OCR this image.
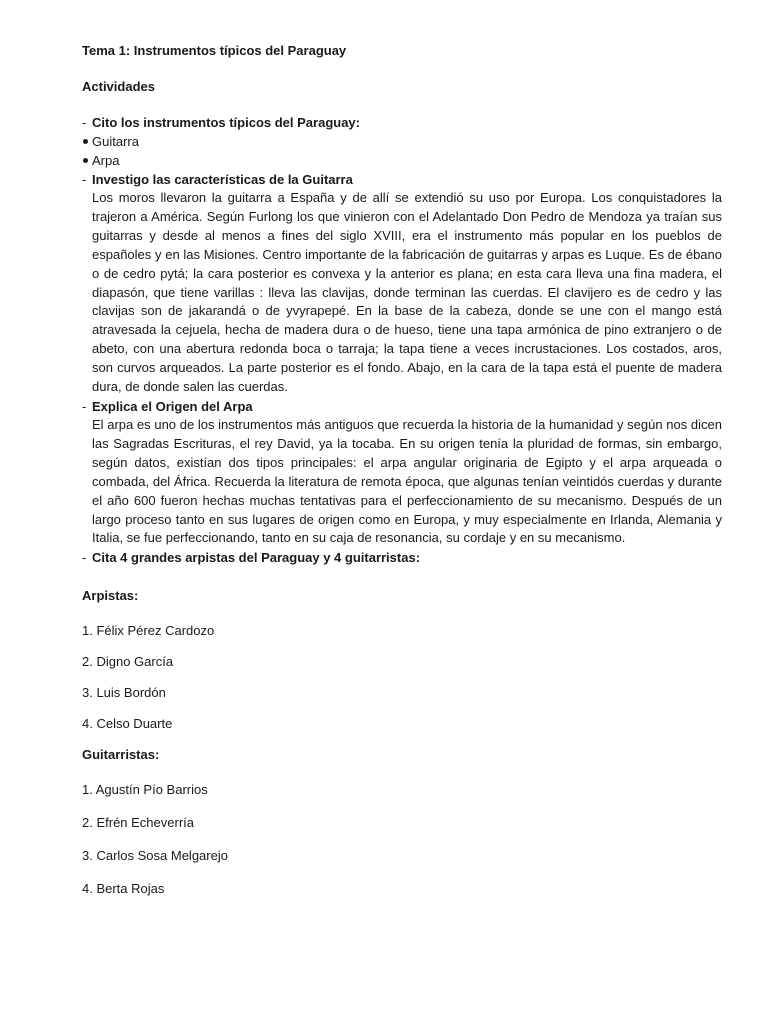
Tema 1: Instrumentos típicos del Paraguay
Actividades
- Cito los instrumentos típicos del Paraguay:
Guitarra
Arpa
- Investigo las características de la Guitarra

Los moros llevaron la guitarra a España y de allí se extendió su uso por Europa. Los conquistadores la trajeron a América. Según Furlong los que vinieron con el Adelantado Don Pedro de Mendoza ya traían sus guitarras y desde al menos a fines del siglo XVIII, era el instrumento más popular en los pueblos de españoles y en las Misiones. Centro importante de la fabricación de guitarras y arpas es Luque. Es de ébano o de cedro pytá; la cara posterior es convexa y la anterior es plana; en esta cara lleva una fina madera, el diapasón, que tiene varillas : lleva las clavijas, donde terminan las cuerdas. El clavijero es de cedro y las clavijas son de jakarandá o de yvyrapepé. En la base de la cabeza, donde se une con el mango está atravesada la cejuela, hecha de madera dura o de hueso, tiene una tapa armónica de pino extranjero o de abeto, con una abertura redonda boca o tarraja; la tapa tiene a veces incrustaciones. Los costados, aros, son curvos arqueados. La parte posterior es el fondo. Abajo, en la cara de la tapa está el puente de madera dura, de donde salen las cuerdas.

- Explica el Origen del Arpa

El arpa es uno de los instrumentos más antiguos que recuerda la historia de la humanidad y según nos dicen las Sagradas Escrituras, el rey David, ya la tocaba. En su origen tenía la pluridad de formas, sin embargo, según datos, existían dos tipos principales: el arpa angular originaria de Egipto y el arpa arqueada o combada, del África. Recuerda la literatura de remota época, que algunas tenían veintidós cuerdas y durante el año 600 fueron hechas muchas tentativas para el perfeccionamiento de su mecanismo. Después de un largo proceso tanto en sus lugares de origen como en Europa, y muy especialmente en Irlanda, Alemania y Italia, se fue perfeccionando, tanto en su caja de resonancia, su cordaje y en su mecanismo.

- Cita 4 grandes arpistas del Paraguay y 4 guitarristas:
Arpistas:
1. Félix Pérez Cardozo
2. Digno García
3. Luis Bordón
4. Celso Duarte
Guitarristas:
1. Agustín Pío Barrios
2. Efrén Echeverría
3. Carlos Sosa Melgarejo
4. Berta Rojas
